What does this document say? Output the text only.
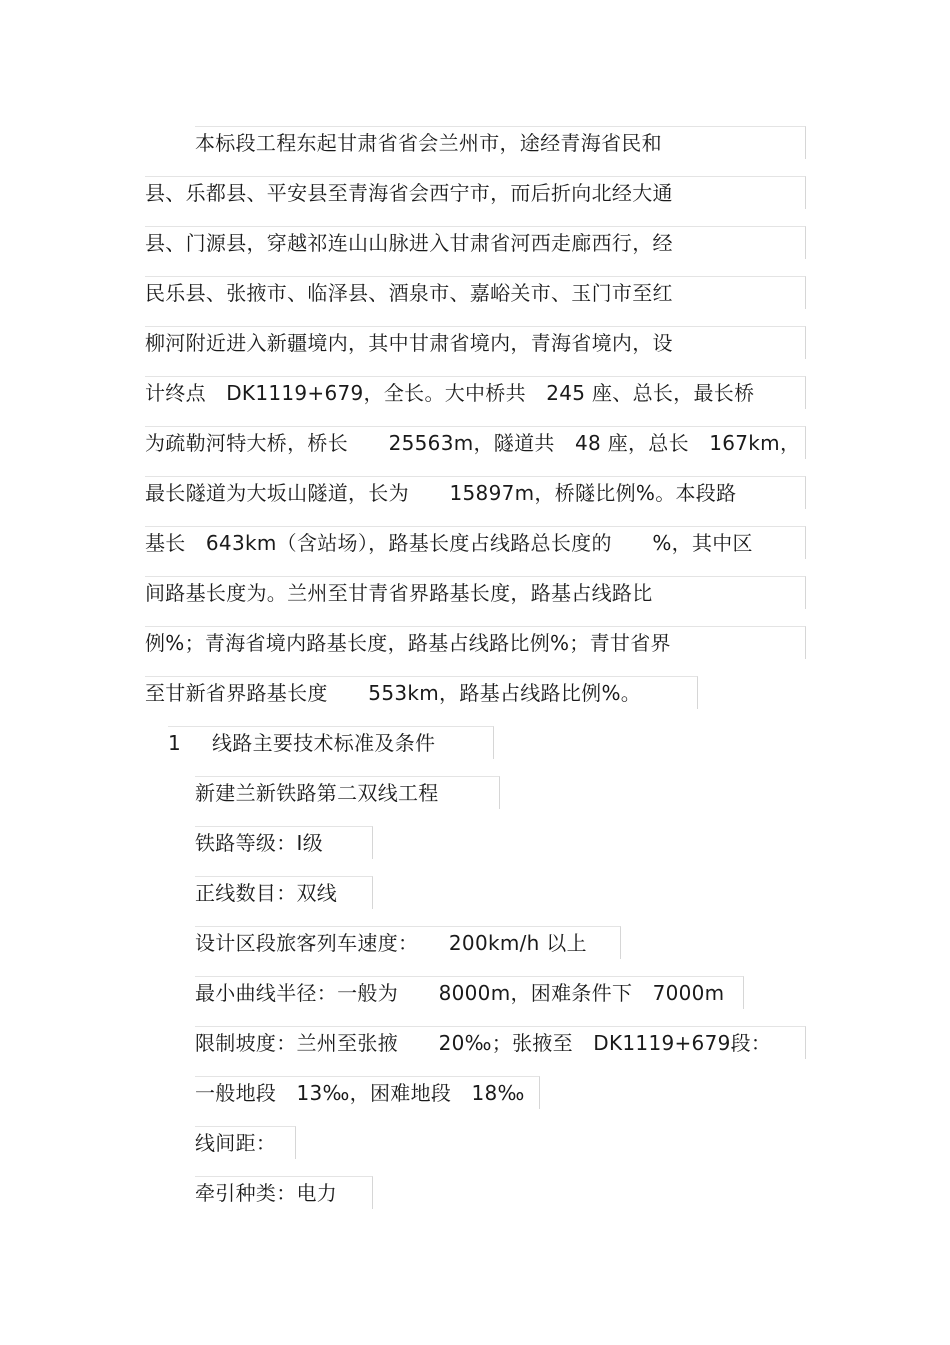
本标段工程东起甘肃省省会兰州市，途经青海省民和
县、乐都县、平安县至青海省会西宁市，而后折向北经大通
县、门源县，穿越祁连山山脉进入甘肃省河西走廊西行，经
民乐县、张掖市、临泽县、酒泉市、嘉峪关市、玉门市至红
柳河附近进入新疆境内，其中甘肃省境内，青海省境内，设
计终点　DK1119+679，全长。大中桥共　245 座、总长，最长桥
为疏勒河特大桥，桥长　　25563m，隧道共　48 座，总长　167km，
最长隧道为大坂山隧道，长为　　15897m，桥隧比例%。本段路
基长　643km（含站场），路基长度占线路总长度的　　%，其中区
间路基长度为。兰州至甘青省界路基长度，路基占线路比
例%；青海省境内路基长度，路基占线路比例%；青甘省界
至甘新省界路基长度　　553km，路基占线路比例%。
1 线路主要技术标准及条件
新建兰新铁路第二双线工程
铁路等级：Ⅰ级
正线数目：双线
设计区段旅客列车速度：　　200km/h 以上
最小曲线半径：一般为　　8000m，困难条件下　7000m
限制坡度：兰州至张掖　　20‰；张掖至　DK1119+679段：
一般地段　13‰，困难地段　18‰
线间距：
牵引种类：电力
